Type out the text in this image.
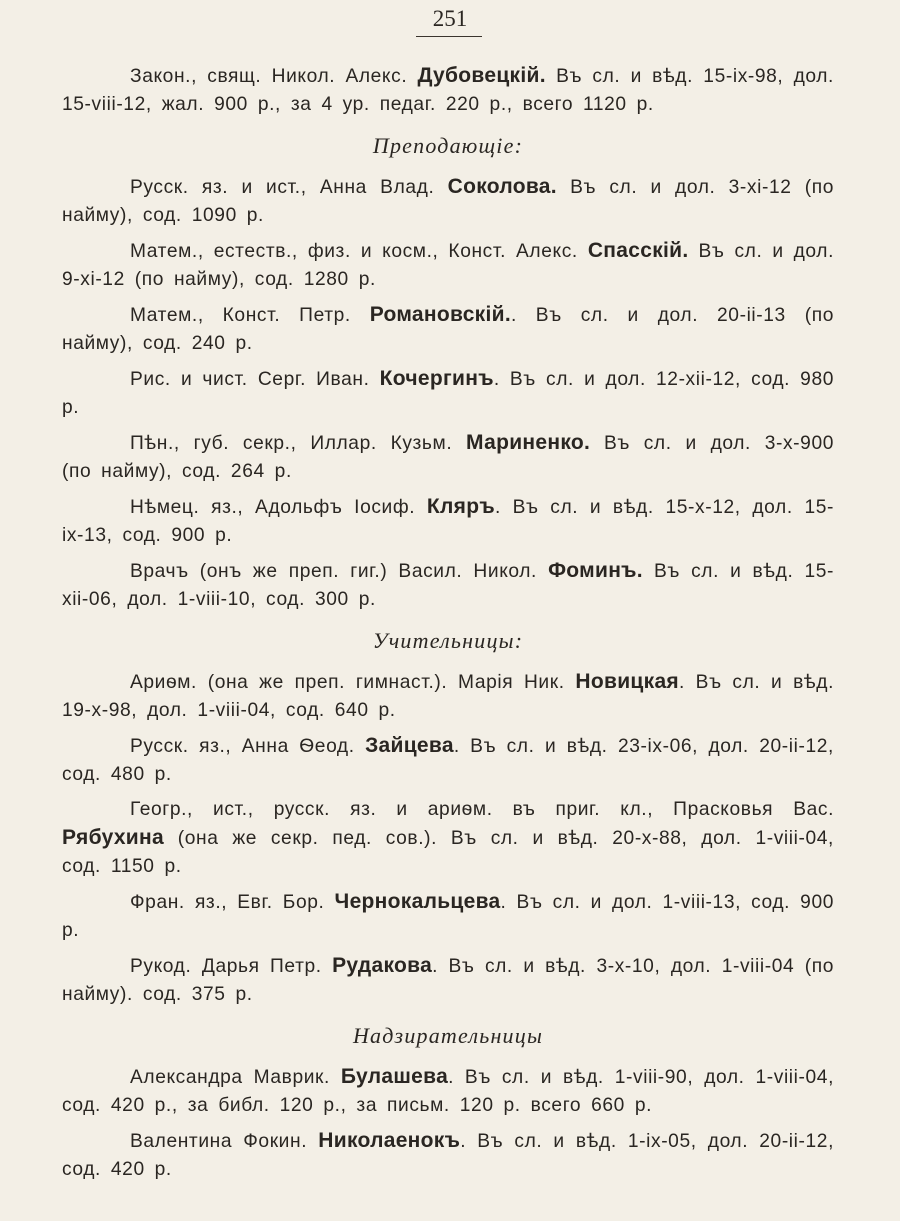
251
Закон., свящ. Никол. Алекс. Дубовецкій. Въ сл. и вѣд. 15-ix-98, дол. 15-viii-12, жал. 900 р., за 4 ур. педаг. 220 р., всего 1120 р.
Преподающіе:
Русск. яз. и ист., Анна Влад. Соколова. Въ сл. и дол. 3-xi-12 (по найму), сод. 1090 р.
Матем., естеств., физ. и косм., Конст. Алекс. Спасскій. Въ сл. и дол. 9-xi-12 (по найму), сод. 1280 р.
Матем., Конст. Петр. Романовскій.. Въ сл. и дол. 20-ii-13 (по найму), сод. 240 р.
Рис. и чист. Серг. Иван. Кочергинъ. Въ сл. и дол. 12-xii-12, сод. 980 р.
Пѣн., губ. секр., Иллар. Кузьм. Мариненко. Въ сл. и дол. 3-x-900 (по найму), сод. 264 р.
Нѣмец. яз., Адольфъ Іосиф. Кляръ. Въ сл. и вѣд. 15-x-12, дол. 15-ix-13, сод. 900 р.
Врачъ (онъ же преп. гиг.) Васил. Никол. Фоминъ. Въ сл. и вѣд. 15-xii-06, дол. 1-viii-10, сод. 300 р.
Учительницы:
Ариѳм. (она же преп. гимнаст.). Марія Ник. Новицкая. Въ сл. и вѣд. 19-x-98, дол. 1-viii-04, сод. 640 р.
Русск. яз., Анна Ѳеод. Зайцева. Въ сл. и вѣд. 23-ix-06, дол. 20-ii-12, сод. 480 р.
Геогр., ист., русск. яз. и ариѳм. въ приг. кл., Прасковья Вас. Рябухина (она же секр. пед. сов.). Въ сл. и вѣд. 20-x-88, дол. 1-viii-04, сод. 1150 р.
Фран. яз., Евг. Бор. Чернокальцева. Въ сл. и дол. 1-viii-13, сод. 900 р.
Рукод. Дарья Петр. Рудакова. Въ сл. и вѣд. 3-x-10, дол. 1-viii-04 (по найму). сод. 375 р.
Надзирательницы
Александра Маврик. Булашева. Въ сл. и вѣд. 1-viii-90, дол. 1-viii-04, сод. 420 р., за библ. 120 р., за письм. 120 р. всего 660 р.
Валентина Фокин. Николаенокъ. Въ сл. и вѣд. 1-ix-05, дол. 20-ii-12, сод. 420 р.
